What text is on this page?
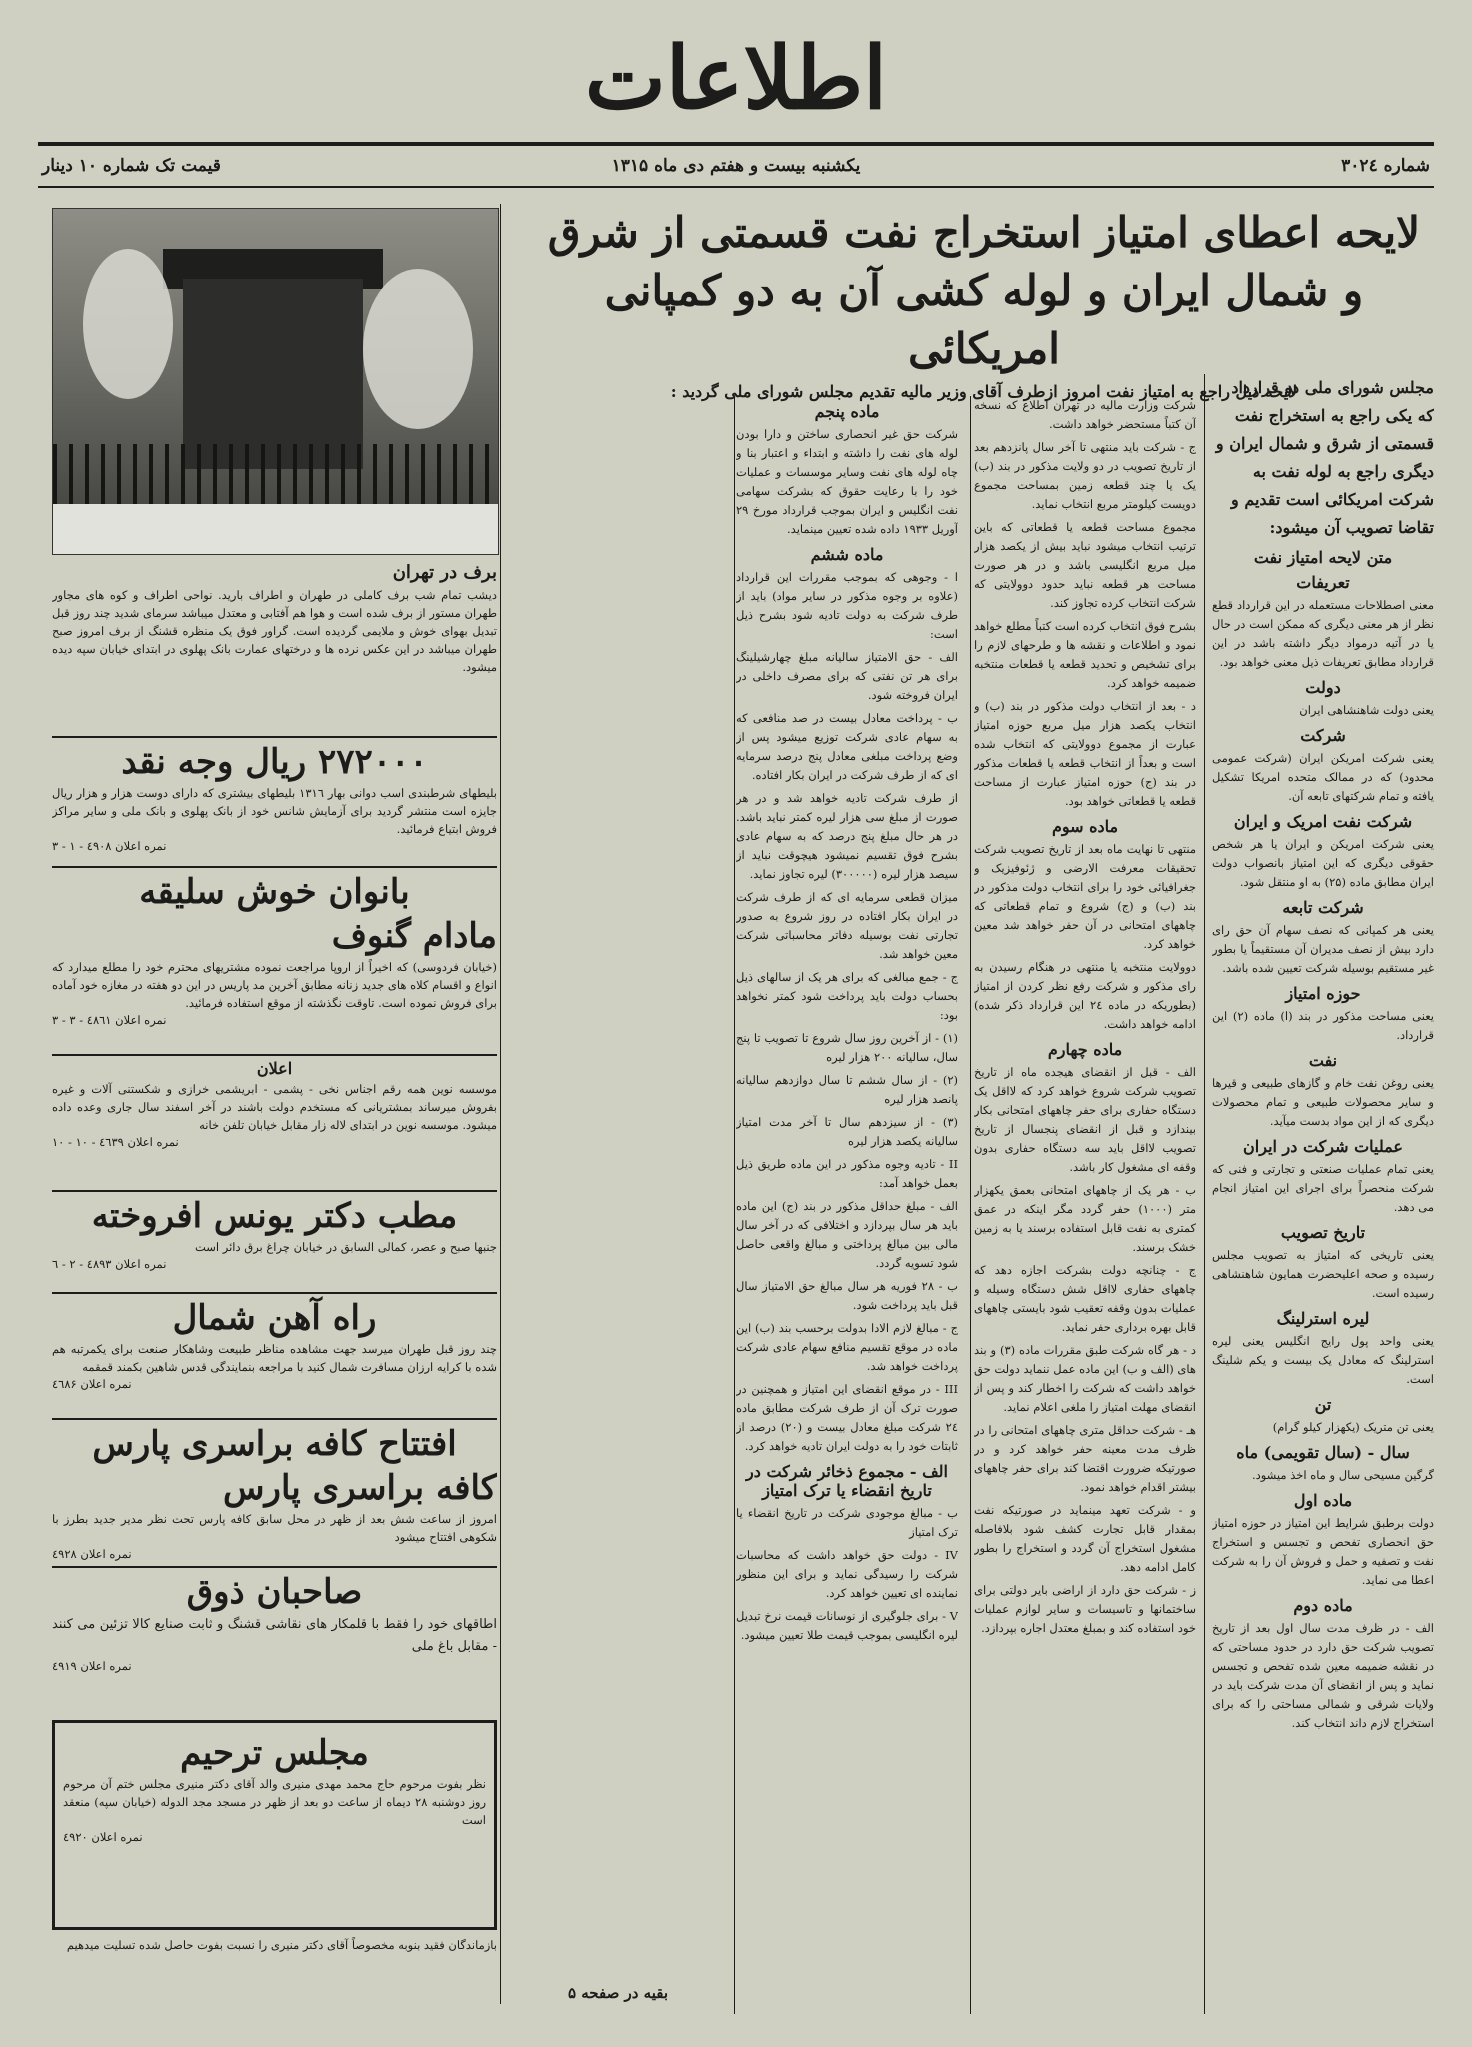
اطلاعات
شماره ۳۰۲٤
یکشنبه بیست و هفتم دی ماه ۱۳۱۵
قیمت تک شماره ۱۰ دینار
لایحه اعطای امتیاز استخراج نفت قسمتی از شرق
و شمال ایران و لوله کشی آن به دو کمپانی امریکائی
لایحه ذیل راجع به امتیاز نفت امروز ازطرف آقای وزیر مالیه تقدیم مجلس شورای ملی گردید :

مجلس شورای ملی دو قرارداد که یکی راجع به استخراج نفت قسمتی از شرق و شمال ایران و دیگری راجع به لوله نفت به شرکت امریکائی است تقدیم و تقاضا تصویب آن میشود:

متن لایحه امتیاز نفت
تعریفات

معنی اصطلاحات مستعمله در این قرارداد قطع نظر از هر معنی دیگری که ممکن است در حال یا در آتیه درمواد دیگر داشته باشد در این قرارداد مطابق تعریفات ذیل معنی خواهد بود.

دولت

یعنی دولت شاهنشاهی ایران

شرکت

یعنی شرکت امریکن ایران (شرکت عمومی محدود) که در ممالک متحده امریکا تشکیل یافته و تمام شرکتهای تابعه آن.

شرکت نفت امریک و ایران

یعنی شرکت امریکن و ایران یا هر شخص حقوقی دیگری که این امتیاز بانصواب دولت ایران مطابق ماده (۲۵) به او منتقل شود.

شرکت تابعه

یعنی هر کمپانی که نصف سهام آن حق رای دارد بیش از نصف مدیران آن مستقیماً یا بطور غیر مستقیم بوسیله شرکت تعیین شده باشد.

حوزه امتیاز

یعنی مساحت مذکور در بند (ا) ماده (۲) این قرارداد.

نفت

یعنی روغن نفت خام و گازهای طبیعی و قیرها و سایر محصولات طبیعی و تمام محصولات دیگری که از این مواد بدست میآید.

عملیات شرکت در ایران

یعنی تمام عملیات صنعتی و تجارتی و فنی که شرکت منحصراً برای اجرای این امتیاز انجام می دهد.

تاریخ تصویب

یعنی تاریخی که امتیاز به تصویب مجلس رسیده و صحه اعلیحضرت همایون شاهنشاهی رسیده است.

لیره استرلینگ

یعنی واحد پول رایج انگلیس یعنی لیره استرلینگ که معادل یک بیست و یکم شلینگ است.

تن

یعنی تن متریک (یکهزار کیلو گرام)

سال - (سال تقویمی) ماه

گرگین مسیحی سال و ماه اخذ میشود.

ماده اول

دولت برطبق شرایط این امتیاز در حوزه امتیاز حق انحصاری تفحص و تجسس و استخراج نفت و تصفیه و حمل و فروش آن را به شرکت اعطا می نماید.

ماده دوم

الف - در ظرف مدت سال اول بعد از تاریخ تصویب شرکت حق دارد در حدود مساحتی که در نقشه ضمیمه معین شده تفحص و تجسس نماید و پس از انقضای آن مدت شرکت باید در ولایات شرقی و شمالی مساحتی را که برای استخراج لازم داند انتخاب کند.

شرکت وزارت مالیه در تهران اطلاع که نسخه آن کتباً مستحضر خواهد داشت.

ج - شرکت باید منتهی تا آخر سال پانزدهم بعد از تاریخ تصویب در دو ولایت مذکور در بند (ب) یک یا چند قطعه زمین بمساحت مجموع دویست کیلومتر مربع انتخاب نماید.

مجموع مساحت قطعه یا قطعاتی که باین ترتیب انتخاب میشود نباید بیش از یکصد هزار میل مربع انگلیسی باشد و در هر صورت مساحت هر قطعه نباید حدود دوولایتی که شرکت انتخاب کرده تجاوز کند.

بشرح فوق انتخاب کرده است کتباً مطلع خواهد نمود و اطلاعات و نقشه ها و طرحهای لازم را برای تشخیص و تحدید قطعه یا قطعات منتخبه ضمیمه خواهد کرد.

د - بعد از انتخاب دولت مذکور در بند (ب) و انتخاب یکصد هزار میل مربع حوزه امتیاز عبارت از مجموع دوولایتی که انتخاب شده است و بعداً از انتخاب قطعه یا قطعات مذکور در بند (ج) حوزه امتیاز عبارت از مساحت قطعه یا قطعاتی خواهد بود.

ماده سوم

منتهی تا نهایت ماه بعد از تاریخ تصویب شرکت تحقیقات معرفت الارضی و ژئوفیزیک و جغرافیائی خود را برای انتخاب دولت مذکور در بند (ب) و (ج) شروع و تمام قطعاتی که چاههای امتحانی در آن حفر خواهد شد معین خواهد کرد.

دوولایت منتخبه یا منتهی در هنگام رسیدن به رای مذکور و شرکت رفع نظر کردن از امتیاز (بطوریکه در ماده ۲٤ این قرارداد ذکر شده) ادامه خواهد داشت.

ماده چهارم

الف - قبل از انقضای هیجده ماه از تاریخ تصویب شرکت شروع خواهد کرد که لااقل یک دستگاه حفاری برای حفر چاههای امتحانی بکار بیندازد و قبل از انقضای پنجسال از تاریخ تصویب لااقل باید سه دستگاه حفاری بدون وقفه ای مشغول کار باشد.

ب - هر یک از چاههای امتحانی بعمق یکهزار متر (۱۰۰۰) حفر گردد مگر اینکه در عمق کمتری به نفت قابل استفاده برسند یا به زمین خشک برسند.

ج - چنانچه دولت بشرکت اجازه دهد که چاههای حفاری لااقل شش دستگاه وسیله و عملیات بدون وقفه تعقیب شود بایستی چاههای قابل بهره برداری حفر نماید.

د - هر گاه شرکت طبق مقررات ماده (۳) و بند های (الف و ب) این ماده عمل ننماید دولت حق خواهد داشت که شرکت را اخطار کند و پس از انقضای مهلت امتیاز را ملغی اعلام نماید.

هـ - شرکت حداقل متری چاههای امتحانی را در ظرف مدت معینه حفر خواهد کرد و در صورتیکه ضرورت اقتضا کند برای حفر چاههای بیشتر اقدام خواهد نمود.

و - شرکت تعهد مینماید در صورتیکه نفت بمقدار قابل تجارت کشف شود بلافاصله مشغول استخراج آن گردد و استخراج را بطور کامل ادامه دهد.

ز - شرکت حق دارد از اراضی بایر دولتی برای ساختمانها و تاسیسات و سایر لوازم عملیات خود استفاده کند و بمبلغ معتدل اجاره بپردازد.

ماده پنجم

شرکت حق غیر انحصاری ساختن و دارا بودن لوله های نفت را داشته و ابتداء و اعتبار بنا و چاه لوله های نفت وسایر موسسات و عملیات خود را با رعایت حقوق که بشرکت سهامی نفت انگلیس و ایران بموجب قرارداد مورخ ۲۹ آوریل ۱۹۳۳ داده شده تعیین مینماید.

ماده ششم

ا - وجوهی که بموجب مقررات این قرارداد (علاوه بر وجوه مذکور در سایر مواد) باید از طرف شرکت به دولت تادیه شود بشرح ذیل است:

الف - حق الامتیاز سالیانه مبلغ چهارشیلینگ برای هر تن نفتی که برای مصرف داخلی در ایران فروخته شود.

ب - پرداخت معادل بیست در صد منافعی که به سهام عادی شرکت توزیع میشود پس از وضع پرداخت مبلغی معادل پنج درصد سرمایه ای که از طرف شرکت در ایران بکار افتاده.

از طرف شرکت تادیه خواهد شد و در هر صورت از مبلغ سی هزار لیره کمتر نباید باشد. در هر حال مبلغ پنج درصد که به سهام عادی بشرح فوق تقسیم نمیشود هیچوقت نباید از سیصد هزار لیره (۳۰۰۰۰۰) لیره تجاوز نماید.

میزان قطعی سرمایه ای که از طرف شرکت در ایران بکار افتاده در روز شروع به صدور تجارتی نفت بوسیله دفاتر محاسباتی شرکت معین خواهد شد.

ج - جمع مبالغی که برای هر یک از سالهای ذیل بحساب دولت باید پرداخت شود کمتر نخواهد بود:

(۱) - از آخرین روز سال شروع تا تصویب تا پنج سال، سالیانه ۲۰۰ هزار لیره

(۲) - از سال ششم تا سال دوازدهم سالیانه پانصد هزار لیره

(۳) - از سیزدهم سال تا آخر مدت امتیاز سالیانه یکصد هزار لیره

II - تادیه وجوه مذکور در این ماده طریق ذیل بعمل خواهد آمد:

الف - مبلغ حداقل مذکور در بند (ج) این ماده باید هر سال بپردازد و اختلافی که در آخر سال مالی بین مبالغ پرداختی و مبالغ واقعی حاصل شود تسویه گردد.

ب - ۲۸ فوریه هر سال مبالغ حق الامتیاز سال قبل باید پرداخت شود.

ج - مبالغ لازم الادا بدولت برحسب بند (ب) این ماده در موقع تقسیم منافع سهام عادی شرکت پرداخت خواهد شد.

III - در موقع انقضای این امتیاز و همچنین در صورت ترک آن از طرف شرکت مطابق ماده ۲٤ شرکت مبلغ معادل بیست و (۲۰) درصد از ثابتات خود را به دولت ایران تادیه خواهد کرد.

الف - مجموع ذخائر شرکت در تاریخ انقضاء یا ترک امتیاز

ب - مبالغ موجودی شرکت در تاریخ انقضاء یا ترک امتیاز

IV - دولت حق خواهد داشت که محاسبات شرکت را رسیدگی نماید و برای این منظور نماینده ای تعیین خواهد کرد.

V - برای جلوگیری از نوسانات قیمت نرخ تبدیل لیره انگلیسی بموجب قیمت طلا تعیین میشود.

برف در تهران
دیشب تمام شب برف کاملی در طهران و اطراف بارید. نواحی اطراف و کوه های مجاور طهران مستور از برف شده است و هوا هم آفتابی و معتدل میباشد سرمای شدید چند روز قبل تبدیل بهوای خوش و ملایمی گردیده است. گراور فوق یک منظره قشنگ از برف امروز صبح طهران میباشد در این عکس نرده ها و درختهای عمارت بانک پهلوی در ابتدای خیابان سپه دیده میشود.
۲۷۲۰۰۰ ریال وجه نقد
بلیطهای شرطبندی اسب دوانی بهار ۱۳۱٦ بلیطهای بیشتری که دارای دوست هزار و هزار ریال جایزه است منتشر گردید برای آزمایش شانس خود از بانک پهلوی و بانک ملی و سایر مراکز فروش ابتیاع فرمائید.
نمره اعلان ٤٩٠۸ - ۱ - ۳
بانوان خوش سلیقه
مادام گنوف
(خیابان فردوسی) که اخیراً از اروپا مراجعت نموده مشتریهای محترم خود را مطلع میدارد که انواع و اقسام کلاه های جدید زنانه مطابق آخرین مد پاریس در این دو هفته در مغازه خود آماده برای فروش نموده است. تاوقت نگذشته از موقع استفاده فرمائید.
نمره اعلان ٤۸٦۱ - ۳ - ۳
اعلان
موسسه نوین همه رقم اجناس نخی - پشمی - ابریشمی خرازی و شکستنی آلات و غیره بفروش میرساند بمشتریانی که مستخدم دولت باشند در آخر اسفند سال جاری وعده داده میشود. موسسه نوین در ابتدای لاله زار مقابل خیابان تلفن خانه
نمره اعلان ٤٦۳۹ - ۱۰ - ۱۰
مطب دکتر یونس افروخته
جنبها صبح و عصر، کمالی السابق در خیابان چراغ برق دائر است
نمره اعلان ٤۸۹۳ - ۲ - ٦
راه آهن شمال
چند روز قبل طهران میرسد جهت مشاهده مناظر طبیعت وشاهکار صنعت برای یکمرتبه هم شده با کرایه ارزان مسافرت شمال کنید با مراجعه بنمایندگی قدس شاهین بکمند قمقمه
نمره اعلان ٤٦۸۶
افتتاح کافه براسری پارس
کافه براسری پارس
امروز از ساعت شش بعد از ظهر در محل سابق کافه پارس تحت نظر مدیر جدید بطرز با شکوهی افتتاح میشود
نمره اعلان ٤۹۲۸
صاحبان ذوق
اطاقهای خود را فقط با قلمکار های نقاشی قشنگ و ثابت صنایع کالا تزئین می کنند - مقابل باغ ملی
نمره اعلان ٤۹۱۹
مجلس ترحیم
نظر بفوت مرحوم حاج محمد مهدی منیری والد آقای دکتر منیری مجلس ختم آن مرحوم روز دوشنبه ۲۸ دیماه از ساعت دو بعد از ظهر در مسجد مجد الدوله (خیابان سپه) منعقد است
نمره اعلان ٤۹۲۰
بازماندگان فقید بنوبه مخصوصاً آقای دکتر منیری را نسبت بفوت حاصل شده تسلیت میدهیم
بقیه در صفحه ۵
